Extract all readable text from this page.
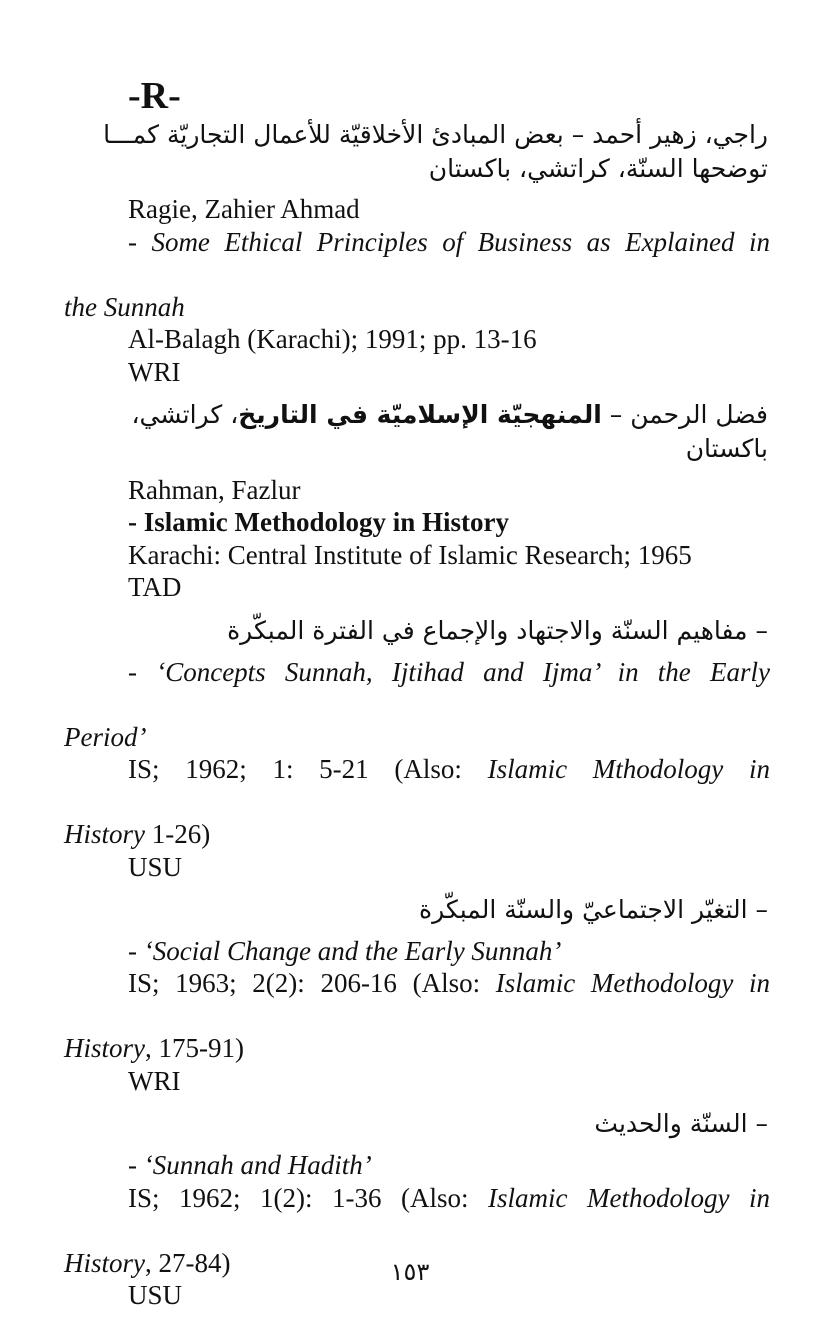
-R-
راجي، زهير أحمد – بعض المبادئ الأخلاقيّة للأعمال التجاريّة كمـــا
توضحها السنّة، كراتشي، باكستان

Ragie, Zahier Ahmad

- Some Ethical Principles of Business as Explained in

the Sunnah

Al-Balagh (Karachi); 1991; pp. 13-16

WRI

فضل الرحمن – المنهجيّة الإسلاميّة في التاريخ، كراتشي، باكستان

Rahman, Fazlur

- Islamic Methodology in History

Karachi: Central Institute of Islamic Research; 1965

TAD

– مفاهيم السنّة والاجتهاد والإجماع في الفترة المبكّرة

- ‘Concepts Sunnah, Ijtihad and Ijma’ in the Early

Period’

IS; 1962; 1: 5-21 (Also: Islamic Mthodology in

History 1-26)

USU

– التغيّر الاجتماعيّ والسنّة المبكّرة

- ‘Social Change and the Early Sunnah’

IS; 1963; 2(2): 206-16 (Also: Islamic Methodology in

History, 175-91)

WRI

– السنّة والحديث

- ‘Sunnah and Hadith’

IS; 1962; 1(2): 1-36 (Also: Islamic Methodology in

History, 27-84)

USU

١٥٣
